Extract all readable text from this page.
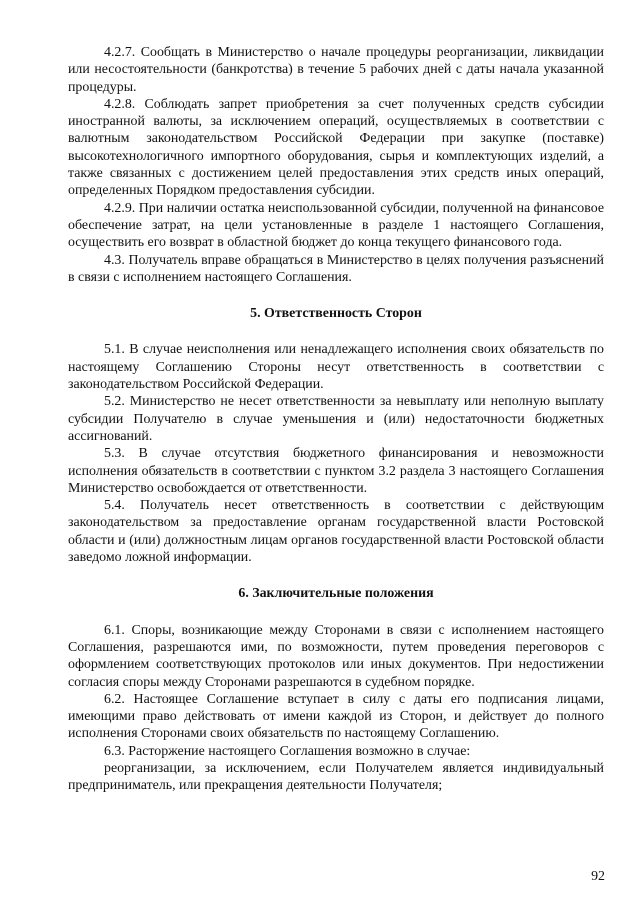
4.2.7. Сообщать в Министерство о начале процедуры реорганизации, ликвидации или несостоятельности (банкротства) в течение 5 рабочих дней с даты начала указанной процедуры.

4.2.8. Соблюдать запрет приобретения за счет полученных средств субсидии иностранной валюты, за исключением операций, осуществляемых в соответствии с валютным законодательством Российской Федерации при закупке (поставке) высокотехнологичного импортного оборудования, сырья и комплектующих изделий, а также связанных с достижением целей предоставления этих средств иных операций, определенных Порядком предоставления субсидии.

4.2.9. При наличии остатка неиспользованной субсидии, полученной на финансовое обеспечение затрат, на цели установленные в разделе 1 настоящего Соглашения, осуществить его возврат в областной бюджет до конца текущего финансового года.

4.3. Получатель вправе обращаться в Министерство в целях получения разъяснений в связи с исполнением настоящего Соглашения.

5. Ответственность Сторон

5.1. В случае неисполнения или ненадлежащего исполнения своих обязательств по настоящему Соглашению Стороны несут ответственность в соответствии с законодательством Российской Федерации.

5.2. Министерство не несет ответственности за невыплату или неполную выплату субсидии Получателю в случае уменьшения и (или) недостаточности бюджетных ассигнований.

5.3. В случае отсутствия бюджетного финансирования и невозможности исполнения обязательств в соответствии с пунктом 3.2 раздела 3 настоящего Соглашения Министерство освобождается от ответственности.

5.4. Получатель несет ответственность в соответствии с действующим законодательством за предоставление органам государственной власти Ростовской области и (или) должностным лицам органов государственной власти Ростовской области заведомо ложной информации.

6. Заключительные положения

6.1. Споры, возникающие между Сторонами в связи с исполнением настоящего Соглашения, разрешаются ими, по возможности, путем проведения переговоров с оформлением соответствующих протоколов или иных документов. При недостижении согласия споры между Сторонами разрешаются в судебном порядке.

6.2. Настоящее Соглашение вступает в силу с даты его подписания лицами, имеющими право действовать от имени каждой из Сторон, и действует до полного исполнения Сторонами своих обязательств по настоящему Соглашению.

6.3. Расторжение настоящего Соглашения возможно в случае:

реорганизации, за исключением, если Получателем является индивидуальный предприниматель, или прекращения деятельности Получателя;

92
